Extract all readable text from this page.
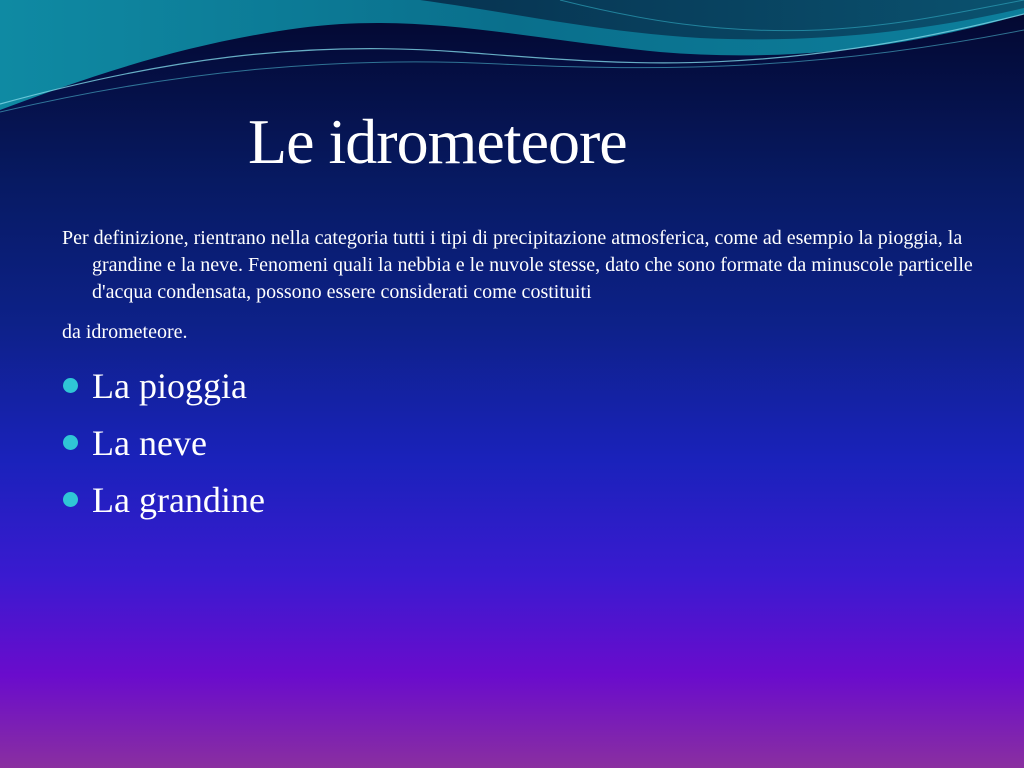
Le idrometeore

Per definizione, rientrano nella categoria tutti i tipi di precipitazione atmosferica, come ad esempio la pioggia, la grandine e la neve. Fenomeni quali la nebbia e le nuvole stesse, dato che sono formate da minuscole particelle d'acqua condensata, possono essere considerati come costituiti
da idrometeore.

La pioggia
La neve
La grandine
